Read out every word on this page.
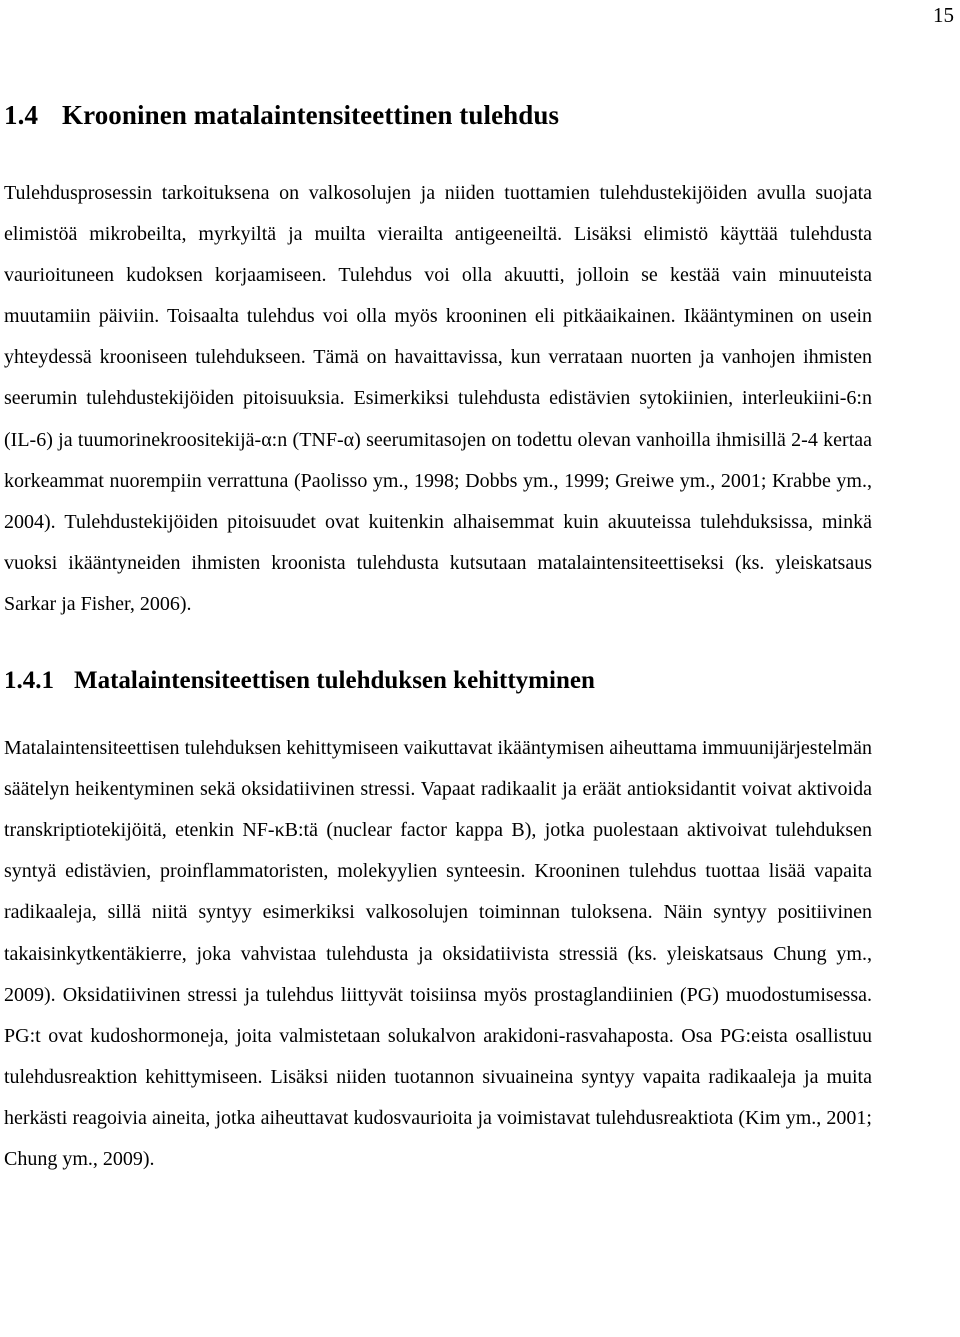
15
1.4 Krooninen matalaintensiteettinen tulehdus

Tulehdusprosessin tarkoituksena on valkosolujen ja niiden tuottamien tulehdustekijöiden avulla suojata elimistöä mikrobeilta, myrkyiltä ja muilta vierailta antigeeneiltä. Lisäksi elimistö käyttää tulehdusta vaurioituneen kudoksen korjaamiseen. Tulehdus voi olla akuutti, jolloin se kestää vain minuuteista muutamiin päiviin. Toisaalta tulehdus voi olla myös krooninen eli pitkäaikainen. Ikääntyminen on usein yhteydessä krooniseen tulehdukseen. Tämä on havaittavissa, kun verrataan nuorten ja vanhojen ihmisten seerumin tulehdustekijöiden pitoisuuksia. Esimerkiksi tulehdusta edistävien sytokiinien, interleukiini-6:n (IL-6) ja tuumorinekroositekijä-α:n (TNF-α) seerumitasojen on todettu olevan vanhoilla ihmisillä 2-4 kertaa korkeammat nuorempiin verrattuna (Paolisso ym., 1998; Dobbs ym., 1999; Greiwe ym., 2001; Krabbe ym., 2004). Tulehdustekijöiden pitoisuudet ovat kuitenkin alhaisemmat kuin akuuteissa tulehduksissa, minkä vuoksi ikääntyneiden ihmisten kroonista tulehdusta kutsutaan matalaintensiteettiseksi (ks. yleiskatsaus Sarkar ja Fisher, 2006).

1.4.1 Matalaintensiteettisen tulehduksen kehittyminen

Matalaintensiteettisen tulehduksen kehittymiseen vaikuttavat ikääntymisen aiheuttama immuunijärjestelmän säätelyn heikentyminen sekä oksidatiivinen stressi. Vapaat radikaalit ja eräät antioksidantit voivat aktivoida transkriptiotekijöitä, etenkin NF-κB:tä (nuclear factor kappa B), jotka puolestaan aktivoivat tulehduksen syntyä edistävien, proinflammatoristen, molekyylien synteesin. Krooninen tulehdus tuottaa lisää vapaita radikaaleja, sillä niitä syntyy esimerkiksi valkosolujen toiminnan tuloksena. Näin syntyy positiivinen takaisinkytkentäkierre, joka vahvistaa tulehdusta ja oksidatiivista stressiä (ks. yleiskatsaus Chung ym., 2009). Oksidatiivinen stressi ja tulehdus liittyvät toisiinsa myös prostaglandiinien (PG) muodostumisessa. PG:t ovat kudoshormoneja, joita valmistetaan solukalvon arakidoni-rasvahaposta. Osa PG:eista osallistuu tulehdusreaktion kehittymiseen. Lisäksi niiden tuotannon sivuaineina syntyy vapaita radikaaleja ja muita herkästi reagoivia aineita, jotka aiheuttavat kudosvaurioita ja voimistavat tulehdusreaktiota (Kim ym., 2001; Chung ym., 2009).
